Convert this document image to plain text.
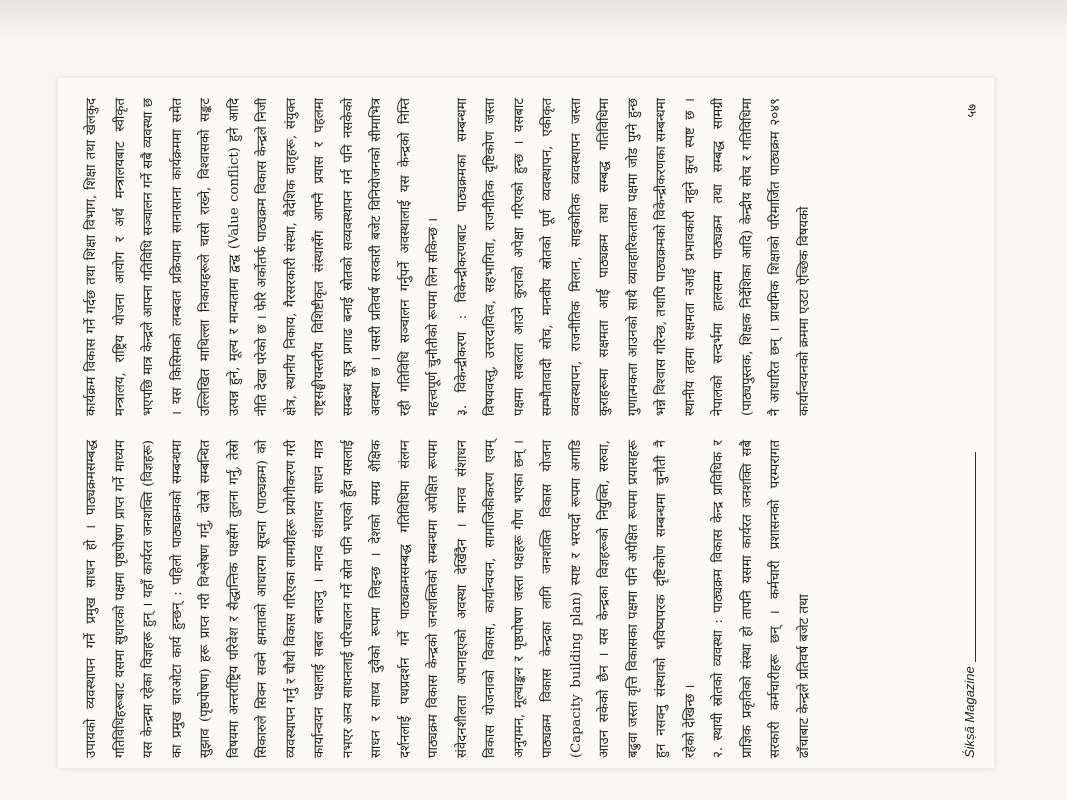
उपायको व्यवस्थापन गर्ने प्रमुख साधन हो । पाठ्यक्रमसम्बद्ध गतिविधिहरूबाट यसमा सुधारको पक्षमा पृष्ठपोषण प्राप्त गर्ने माध्यम यस केन्द्रमा रहेका विज्ञहरू हुन् । यहाँ कार्यरत जनशक्ति (विज्ञहरू) का प्रमुख चारओटा कार्य हुन्छन् : पहिलो पाठ्यक्रमको सम्बन्धमा सुझाव (पृष्ठपोषण) हरू प्राप्त गरी विश्लेषण गर्नु, दोस्रो सम्बन्धित विषयमा अन्तर्राष्ट्रिय परिवेश र सैद्धान्तिक पक्षसँग तुलना गर्नु, तेस्रो सिकारुले सिक्न सक्ने क्षमताको आधारमा सूचना (पाठ्यक्रम) को व्यवस्थापन गर्नु र चौथो विकास गरिएका सामग्रीहरू प्रयोगीकरण गरी कार्यान्वयन पक्षलाई सबल बनाउनु । मानव संशाधन साधन मात्र नभएर अन्य साधनलाई परिचालन गर्ने स्रोत पनि भएको हुँदा यसलाई साधन र साध्य दुवैको रूपमा लिइन्छ । देशको समग्र शैक्षिक दर्शनलाई पथप्रदर्शन गर्ने पाठ्यक्रमसम्बद्ध गतिविधिमा संलग्न पाठ्यक्रम विकास केन्द्रको जनशक्तिको सम्बन्धमा अपेक्षित रूपमा संवेदनशीलता अपनाइएको अवस्था देखिँदैन । मानव संशाधन विकास योजनाको विकास, कार्यान्वयन, सामाजिकीकरण एवम् अनुगमन, मूल्याङ्कन र पृष्ठपोषण जस्ता पक्षहरू गौण भएका छन् । पाठ्यक्रम विकास केन्द्रका लागि जनशक्ति विकास योजना (Capacity building plan) स्पष्ट र भरपर्दो रूपमा अगाडि आउन सकेको छैन । यस केन्द्रका विज्ञहरूको नियुक्ति, सरुवा, बढुवा जस्ता वृत्ति विकासका पक्षमा पनि अपेक्षित रूपमा प्रयासहरू हुन नसक्नु संस्थाको भविष्यपरक दृष्टिकोण सम्बन्धमा चुनौती नै रहेको देखिन्छ ।	२. स्थायी स्रोतको व्यवस्था : पाठ्यक्रम विकास केन्द्र प्राविधिक र प्राज्ञिक प्रकृतिको संस्था हो तापनि यसमा कार्यरत जनशक्ति सबै सरकारी कर्मचारीहरू छन् । कर्मचारी प्रशासनको परम्परागत ढाँचाबाट केन्द्रले प्रतिवर्ष बजेट तथा

कार्यक्रम विकास गर्ने गर्दछ तथा शिक्षा विभाग, शिक्षा तथा खेलकुद मन्त्रालय, राष्ट्रिय योजना आयोग र अर्थ मन्त्रालयबाट स्वीकृत भएपछि मात्र केन्द्रले आफ्ना गतिविधि सञ्चालन गर्ने सबै व्यवस्था छ । यस किसिमको लम्बवत प्रक्रियामा सानासाना कार्यक्रममा समेत उल्लिखित माथिल्ला निकायहरूले चासो राख्ने, विश्वासको सङ्कट उत्पन्न हुने, मूल्य र मान्यतामा द्वन्द्व (Value conflict) हुने आदि नीति देखा परेको छ । फेरि अर्कोतर्फ पाठ्यक्रम विकास केन्द्रले निजी क्षेत्र, स्थानीय निकाय, गैरसरकारी संस्था, वैदेशिक दातृहरू, संयुक्त राष्ट्रसङ्घीयस्तरीय विशिष्टीकृत संस्थासँग आफ्नै प्रयास र पहलमा सम्बन्ध सूत्र प्रगाढ बनाई स्रोतको सव्यवस्थापन गर्न पनि नसकेको अवस्था छ । यसरी प्रतिवर्ष सरकारी बजेट विनियोजनको सीमाभित्र रही गतिविधि सञ्चालन गर्नुपर्ने अवस्थालाई यस केन्द्रको निम्ति महत्त्वपूर्ण चुनौतीको रूपमा लिन सकिन्छ ।	३. विकेन्द्रीकरण : विकेन्द्रीकरणबाट पाठ्यक्रमका सम्बन्धमा विषयवस्तु, उत्तरदायित्व, सहभागिता, राजनीतिक दृष्टिकोण जस्ता पक्षमा सबलता आउने कुराको अपेक्षा गरिएको हुन्छ । यसबाट सम्भौतावादी सोच, मानवीय स्रोतको पूर्ण व्यवस्थापन, एकीकृत व्यवस्थापन, राजनीतिक मिलान, साइकोतिक व्यवस्थापन जस्ता कुराहरूमा सक्षमता आई पाठ्यक्रम तथा सम्बद्ध गतिविधिमा गुणात्मकता आउनको साथै व्यावहारिकताका पक्षमा जोड पुग्ने हुन्छ भन्ने विश्वास गरिन्छ, तथापि पाठ्यक्रमको विकेन्द्रीकरणका सम्बन्धमा स्थानीय तहमा सक्षमता नआई प्रभावकारी नहुने कुरा स्पष्ट छ । नेपालको सन्दर्भमा हालसम्म पाठ्यक्रम तथा सम्बद्ध सामग्री (पाठ्यपुस्तक, शिक्षक निर्देशिका आदि) केन्द्रीय सोच र गतिविधिमा नै आधारित छन् । प्राथमिक शिक्षाको परिमार्जित पाठ्यक्रम २०४९ कार्यान्वयनको क्रममा एउटा ऐच्छिक विषयको

Śikṣā Magazine
५७
